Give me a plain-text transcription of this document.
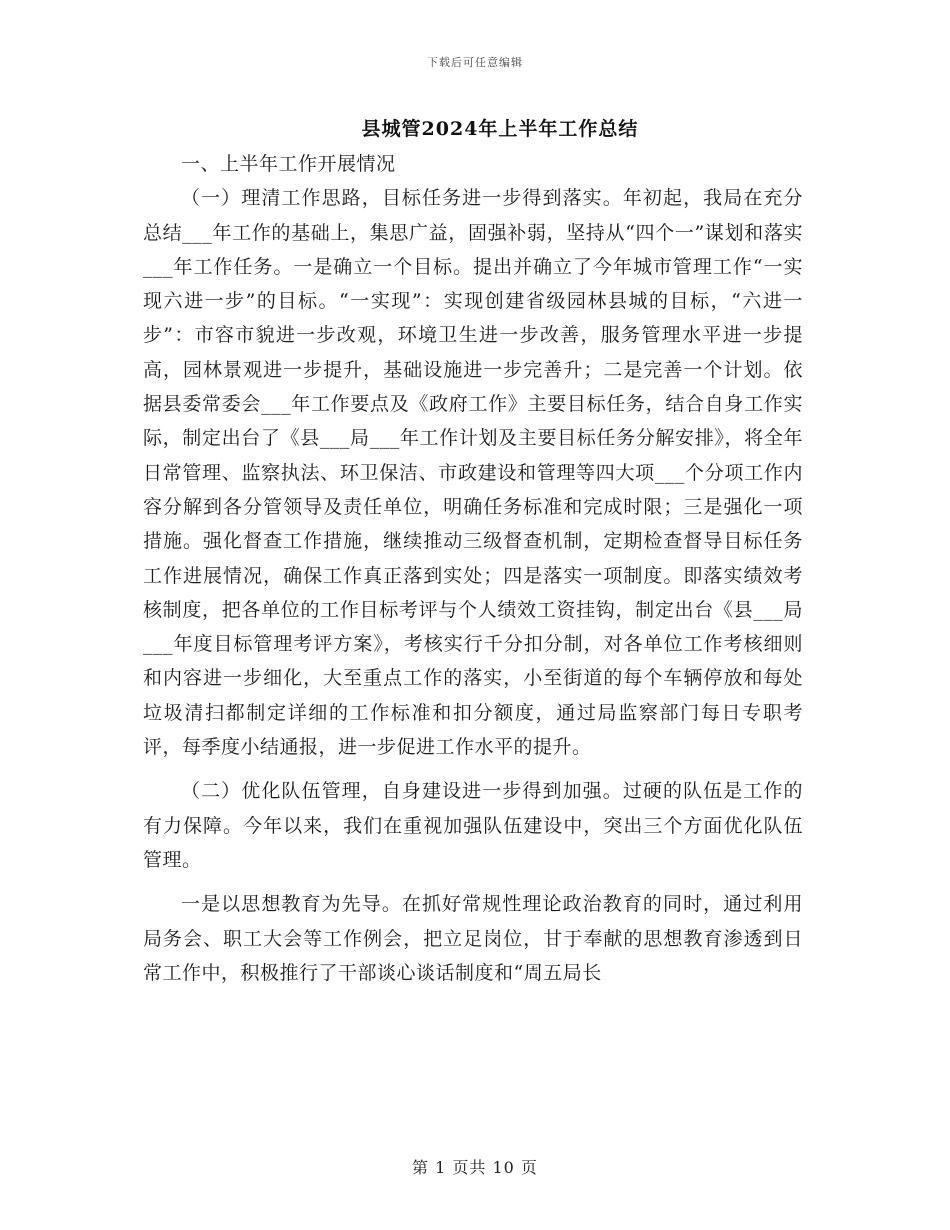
下载后可任意编辑
县城管2024年上半年工作总结

一、上半年工作开展情况

（一）理清工作思路，目标任务进一步得到落实。年初起，我局在充分总结___年工作的基础上，集思广益，固强补弱，坚持从“四个一”谋划和落实___年工作任务。一是确立一个目标。提出并确立了今年城市管理工作“一实现六进一步”的目标。“一实现”：实现创建省级园林县城的目标，“六进一步”：市容市貌进一步改观，环境卫生进一步改善，服务管理水平进一步提高，园林景观进一步提升，基础设施进一步完善升；二是完善一个计划。依据县委常委会___年工作要点及《政府工作》主要目标任务，结合自身工作实际，制定出台了《县___局___年工作计划及主要目标任务分解安排》，将全年日常管理、监察执法、环卫保洁、市政建设和管理等四大项___个分项工作内容分解到各分管领导及责任单位，明确任务标准和完成时限；三是强化一项措施。强化督查工作措施，继续推动三级督查机制，定期检查督导目标任务工作进展情况，确保工作真正落到实处；四是落实一项制度。即落实绩效考核制度，把各单位的工作目标考评与个人绩效工资挂钩，制定出台《县___局___年度目标管理考评方案》，考核实行千分扣分制，对各单位工作考核细则和内容进一步细化，大至重点工作的落实，小至街道的每个车辆停放和每处垃圾清扫都制定详细的工作标准和扣分额度，通过局监察部门每日专职考评，每季度小结通报，进一步促进工作水平的提升。

（二）优化队伍管理，自身建设进一步得到加强。过硬的队伍是工作的有力保障。今年以来，我们在重视加强队伍建设中，突出三个方面优化队伍管理。

一是以思想教育为先导。在抓好常规性理论政治教育的同时，通过利用局务会、职工大会等工作例会，把立足岗位，甘于奉献的思想教育渗透到日常工作中，积极推行了干部谈心谈话制度和“周五局长

第 1 页共 10 页
